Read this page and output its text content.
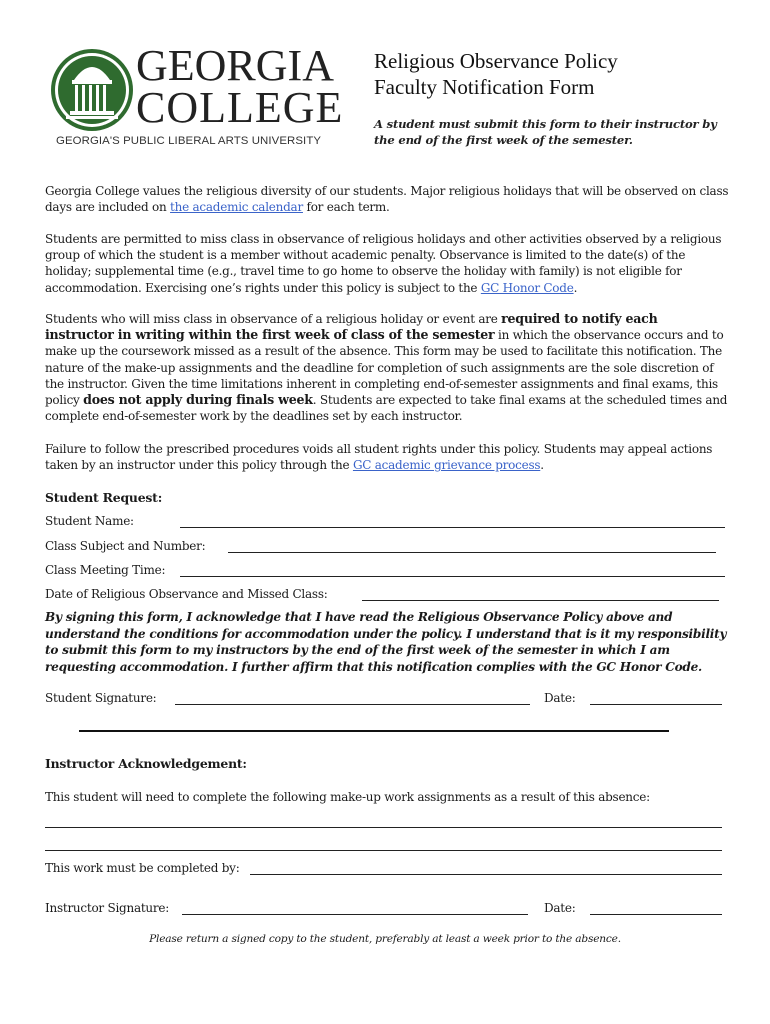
GEORGIA
COLLEGE
GEORGIA'S PUBLIC LIBERAL ARTS UNIVERSITY
Religious Observance Policy
Faculty Notification Form
A student must submit this form to their instructor by
the end of the first week of the semester.
Georgia College values the religious diversity of our students. Major religious holidays that will be observed on class days are included on the academic calendar for each term.
Students are permitted to miss class in observance of religious holidays and other activities observed by a religious group of which the student is a member without academic penalty. Observance is limited to the date(s) of the holiday; supplemental time (e.g., travel time to go home to observe the holiday with family) is not eligible for accommodation. Exercising one’s rights under this policy is subject to the GC Honor Code.
Students who will miss class in observance of a religious holiday or event are required to notify each instructor in writing within the first week of class of the semester in which the observance occurs and to make up the coursework missed as a result of the absence. This form may be used to facilitate this notification. The nature of the make-up assignments and the deadline for completion of such assignments are the sole discretion of the instructor. Given the time limitations inherent in completing end-of-semester assignments and final exams, this policy does not apply during finals week. Students are expected to take final exams at the scheduled times and complete end-of-semester work by the deadlines set by each instructor.
Failure to follow the prescribed procedures voids all student rights under this policy. Students may appeal actions taken by an instructor under this policy through the GC academic grievance process.
Student Request:
Student Name:
Class Subject and Number:
Class Meeting Time:
Date of Religious Observance and Missed Class:
By signing this form, I acknowledge that I have read the Religious Observance Policy above and understand the conditions for accommodation under the policy. I understand that is it my responsibility to submit this form to my instructors by the end of the first week of the semester in which I am requesting accommodation. I further affirm that this notification complies with the GC Honor Code.
Student Signature:	Date:
Instructor Acknowledgement:
This student will need to complete the following make-up work assignments as a result of this absence:
This work must be completed by:
Instructor Signature:	Date:
Please return a signed copy to the student, preferably at least a week prior to the absence.
